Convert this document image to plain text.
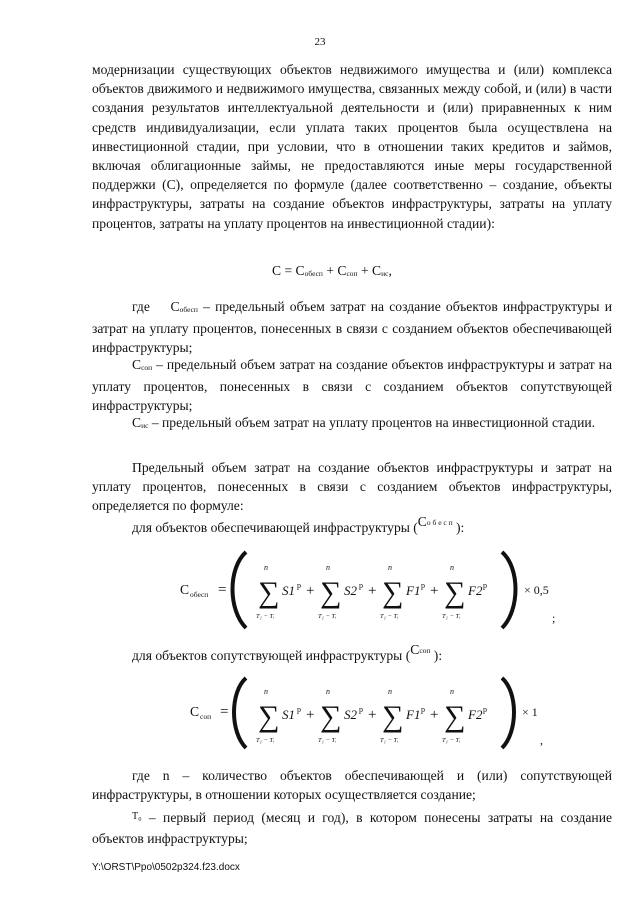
23

модернизации существующих объектов недвижимого имущества и (или) комплекса объектов движимого и недвижимого имущества, связанных между собой, и (или) в части создания результатов интеллектуальной деятельности и (или) приравненных к ним средств индивидуализации, если уплата таких процентов была осуществлена на инвестиционной стадии, при условии, что в отношении таких кредитов и займов, включая облигационные займы, не предоставляются иные меры государственной поддержки (С), определяется по формуле (далее соответственно – создание, объекты инфраструктуры, затраты на создание объектов инфраструктуры, затраты на уплату процентов, затраты на уплату процентов на инвестиционной стадии):

С = Собесп + Ссоп + Сис,

где Собесп – предельный объем затрат на создание объектов инфраструктуры и затрат на уплату процентов, понесенных в связи с созданием объектов обеспечивающей инфраструктуры;

Ссоп – предельный объем затрат на создание объектов инфраструктуры и затрат на уплату процентов, понесенных в связи с созданием объектов сопутствующей инфраструктуры;

Сис – предельный объем затрат на уплату процентов на инвестиционной стадии.

Предельный объем затрат на создание объектов инфраструктуры и затрат на уплату процентов, понесенных в связи с созданием объектов инфраструктуры, определяется по формуле:

для объектов обеспечивающей инфраструктуры ($С^{о б е с п}$ ):
С обесп =
n
∑
T₁ − Tᵢ
S1 p +
n
∑
T₁ − Tᵢ
S2 p +
n
∑
T₁ − Tᵢ
F1 p +
n
∑
T₁ − Tᵢ
F2 p	× 0,5
;
для объектов сопутствующей инфраструктуры ($С^{соп}$ ):
С соп =
n
∑
T₁ − Tᵢ
S1 p +
n
∑
T₁ − Tᵢ
S2 p +
n
∑
T₁ − Tᵢ
F1 p +
n
∑
T₁ − Tᵢ
F2 p	× 1
,

где n – количество объектов обеспечивающей и (или) сопутствующей инфраструктуры, в отношении которых осуществляется создание;

$^{T_0}$ – первый период (месяц и год), в котором понесены затраты на создание объектов инфраструктуры;

Y:\ORST\Ppo\0502p324.f23.docx
